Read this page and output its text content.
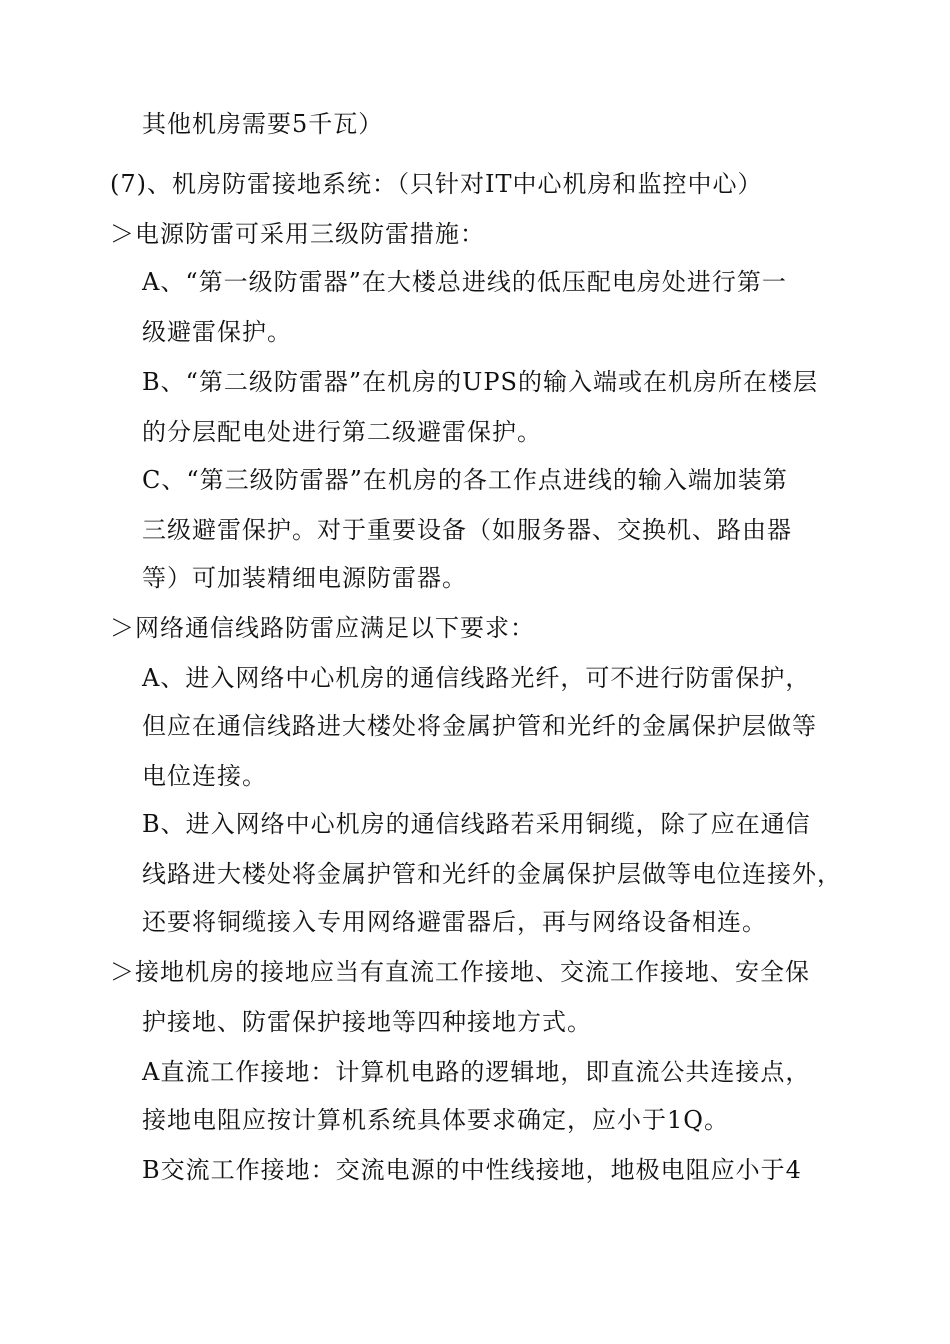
其他机房需要5千瓦）
(7)、机房防雷接地系统：（只针对IT中心机房和监控中心）
＞电源防雷可采用三级防雷措施：
A、“第一级防雷器”在大楼总进线的低压配电房处进行第一
级避雷保护。
B、“第二级防雷器”在机房的UPS的输入端或在机房所在楼层
的分层配电处进行第二级避雷保护。
C、“第三级防雷器”在机房的各工作点进线的输入端加装第
三级避雷保护。对于重要设备（如服务器、交换机、路由器
等）可加装精细电源防雷器。
＞网络通信线路防雷应满足以下要求：
A、进入网络中心机房的通信线路光纤，可不进行防雷保护，
但应在通信线路进大楼处将金属护管和光纤的金属保护层做等
电位连接。
B、进入网络中心机房的通信线路若采用铜缆，除了应在通信
线路进大楼处将金属护管和光纤的金属保护层做等电位连接外，
还要将铜缆接入专用网络避雷器后，再与网络设备相连。
＞接地机房的接地应当有直流工作接地、交流工作接地、安全保
护接地、防雷保护接地等四种接地方式。
A直流工作接地：计算机电路的逻辑地，即直流公共连接点，
接地电阻应按计算机系统具体要求确定，应小于1Q。
B交流工作接地：交流电源的中性线接地，地极电阻应小于4
